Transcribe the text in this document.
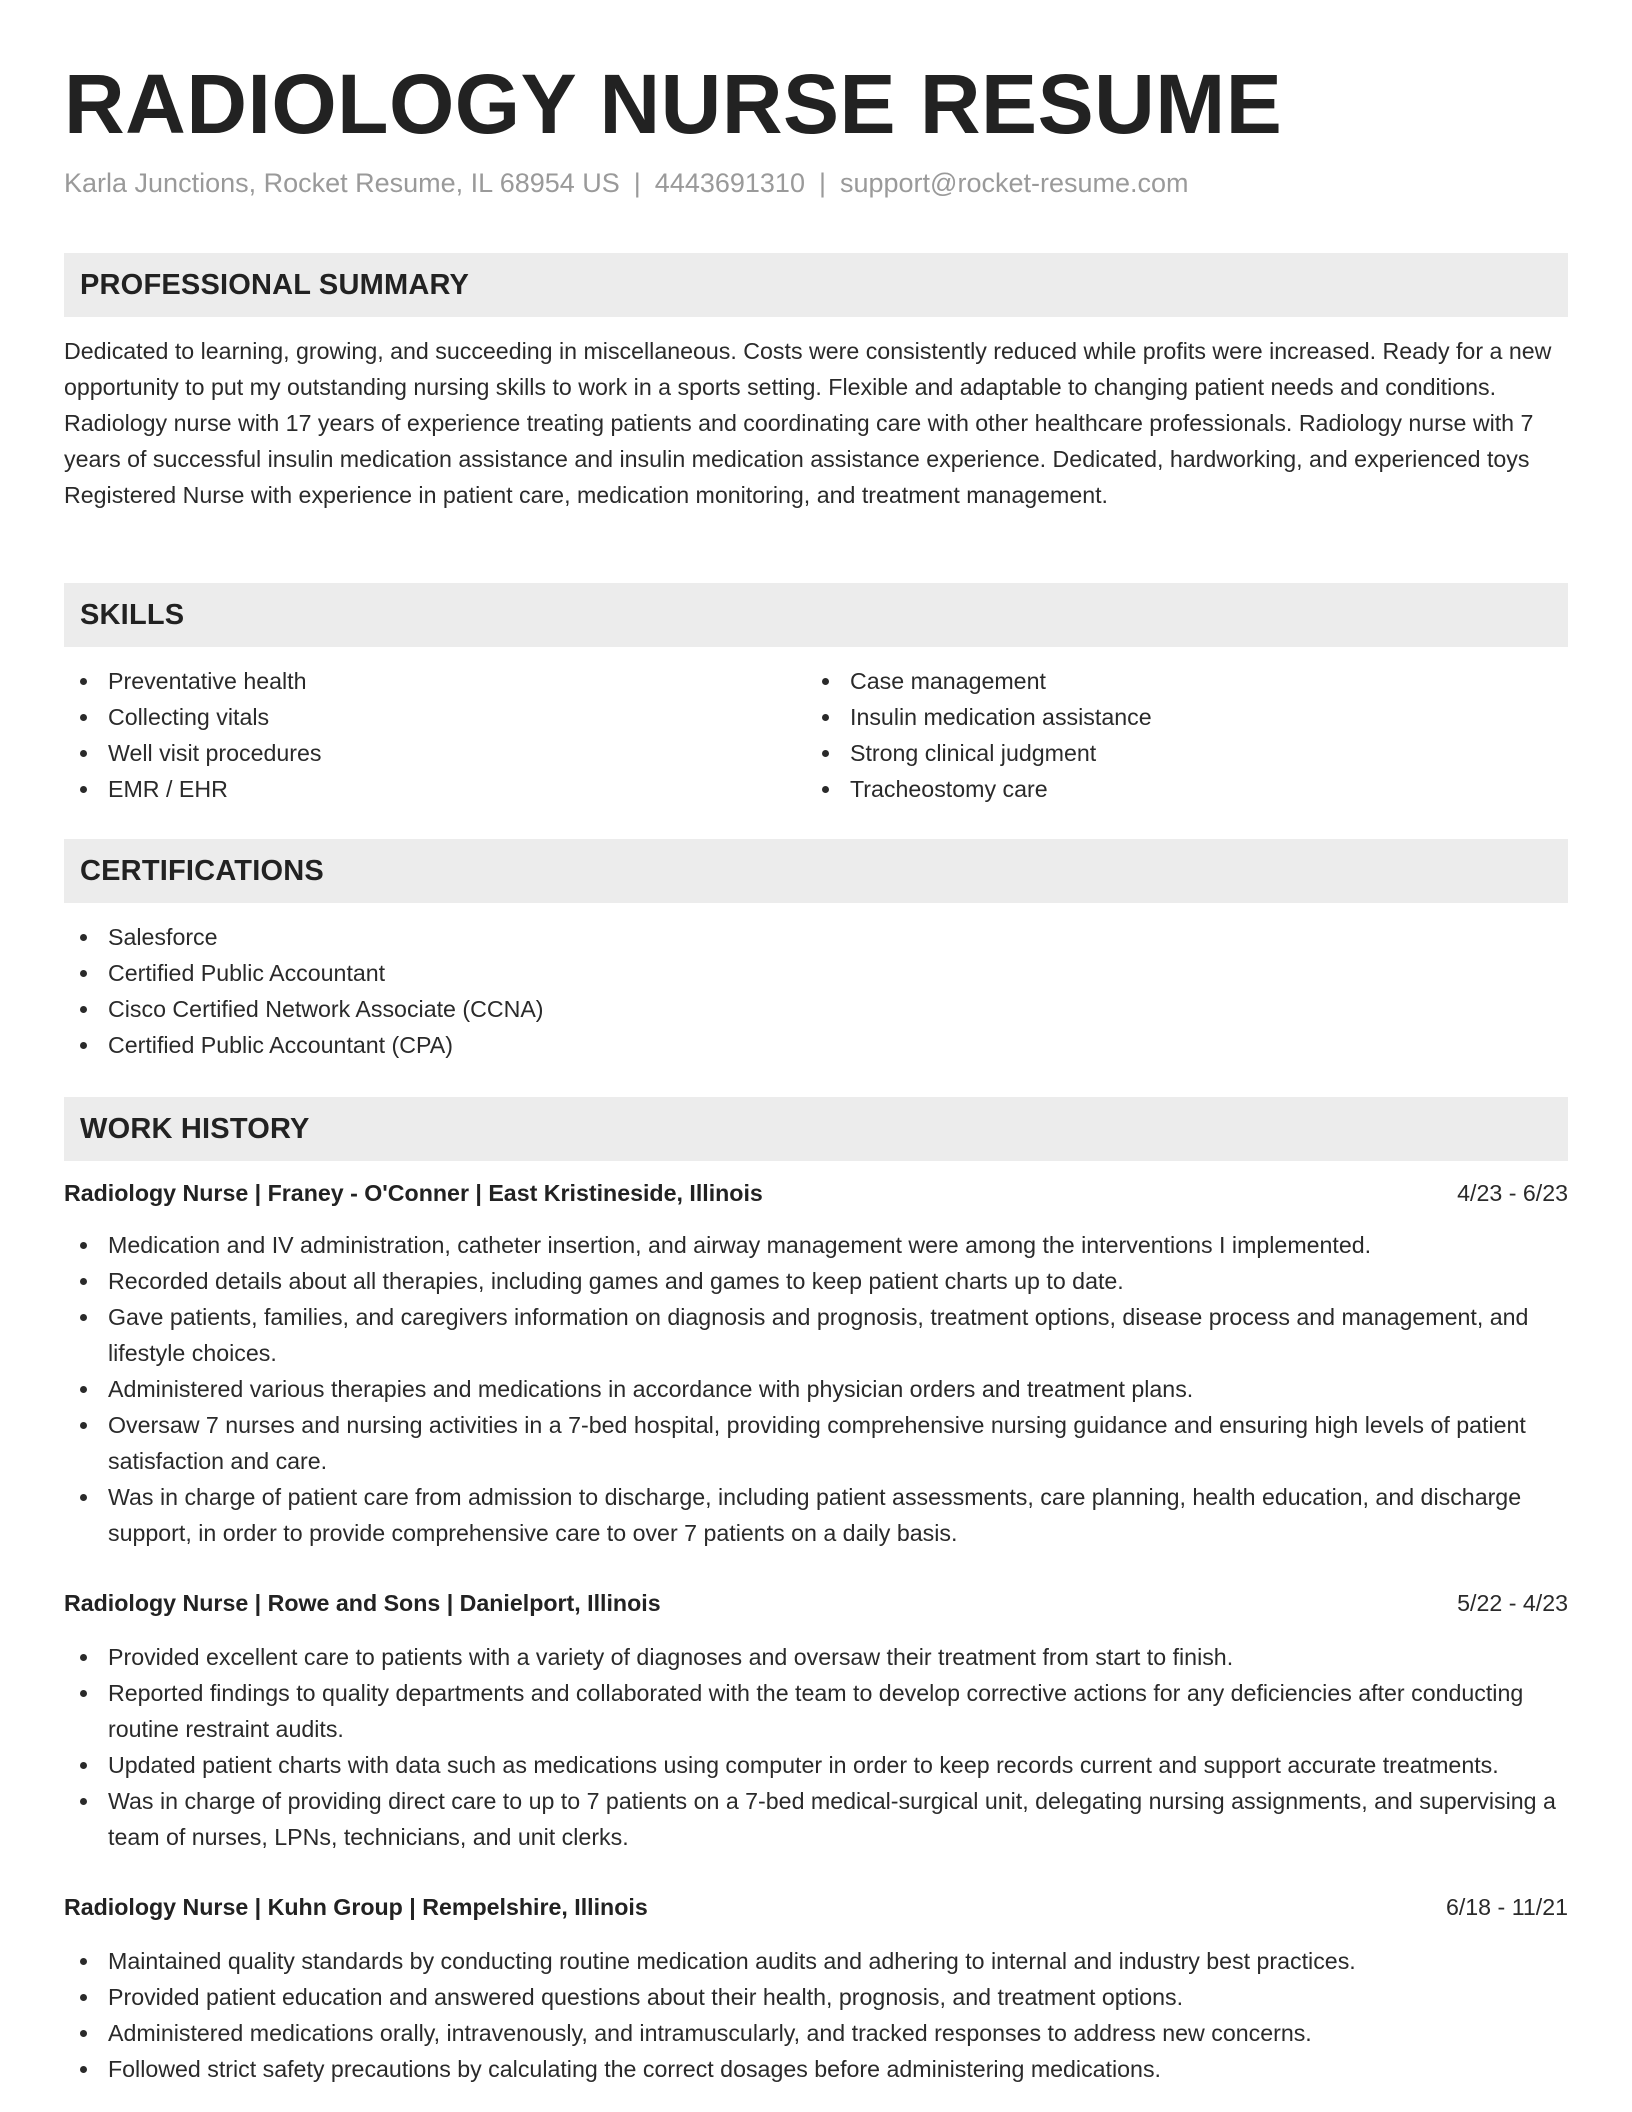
RADIOLOGY NURSE RESUME
Karla Junctions, Rocket Resume, IL 68954 US | 4443691310 | support@rocket-resume.com
PROFESSIONAL SUMMARY

Dedicated to learning, growing, and succeeding in miscellaneous. Costs were consistently reduced while profits were increased. Ready for a new opportunity to put my outstanding nursing skills to work in a sports setting. Flexible and adaptable to changing patient needs and conditions. Radiology nurse with 17 years of experience treating patients and coordinating care with other healthcare professionals. Radiology nurse with 7 years of successful insulin medication assistance and insulin medication assistance experience. Dedicated, hardworking, and experienced toys Registered Nurse with experience in patient care, medication monitoring, and treatment management.

SKILLS
Preventative health
Collecting vitals
Well visit procedures
EMR / EHR
Case management
Insulin medication assistance
Strong clinical judgment
Tracheostomy care
CERTIFICATIONS
Salesforce
Certified Public Accountant
Cisco Certified Network Associate (CCNA)
Certified Public Accountant (CPA)
WORK HISTORY
Radiology Nurse | Franey - O'Conner | East Kristineside, Illinois	4/23 - 6/23
Medication and IV administration, catheter insertion, and airway management were among the interventions I implemented.
Recorded details about all therapies, including games and games to keep patient charts up to date.
Gave patients, families, and caregivers information on diagnosis and prognosis, treatment options, disease process and management, and lifestyle choices.
Administered various therapies and medications in accordance with physician orders and treatment plans.
Oversaw 7 nurses and nursing activities in a 7-bed hospital, providing comprehensive nursing guidance and ensuring high levels of patient satisfaction and care.
Was in charge of patient care from admission to discharge, including patient assessments, care planning, health education, and discharge support, in order to provide comprehensive care to over 7 patients on a daily basis.
Radiology Nurse | Rowe and Sons | Danielport, Illinois	5/22 - 4/23
Provided excellent care to patients with a variety of diagnoses and oversaw their treatment from start to finish.
Reported findings to quality departments and collaborated with the team to develop corrective actions for any deficiencies after conducting routine restraint audits.
Updated patient charts with data such as medications using computer in order to keep records current and support accurate treatments.
Was in charge of providing direct care to up to 7 patients on a 7-bed medical-surgical unit, delegating nursing assignments, and supervising a team of nurses, LPNs, technicians, and unit clerks.
Radiology Nurse | Kuhn Group | Rempelshire, Illinois	6/18 - 11/21
Maintained quality standards by conducting routine medication audits and adhering to internal and industry best practices.
Provided patient education and answered questions about their health, prognosis, and treatment options.
Administered medications orally, intravenously, and intramuscularly, and tracked responses to address new concerns.
Followed strict safety precautions by calculating the correct dosages before administering medications.
